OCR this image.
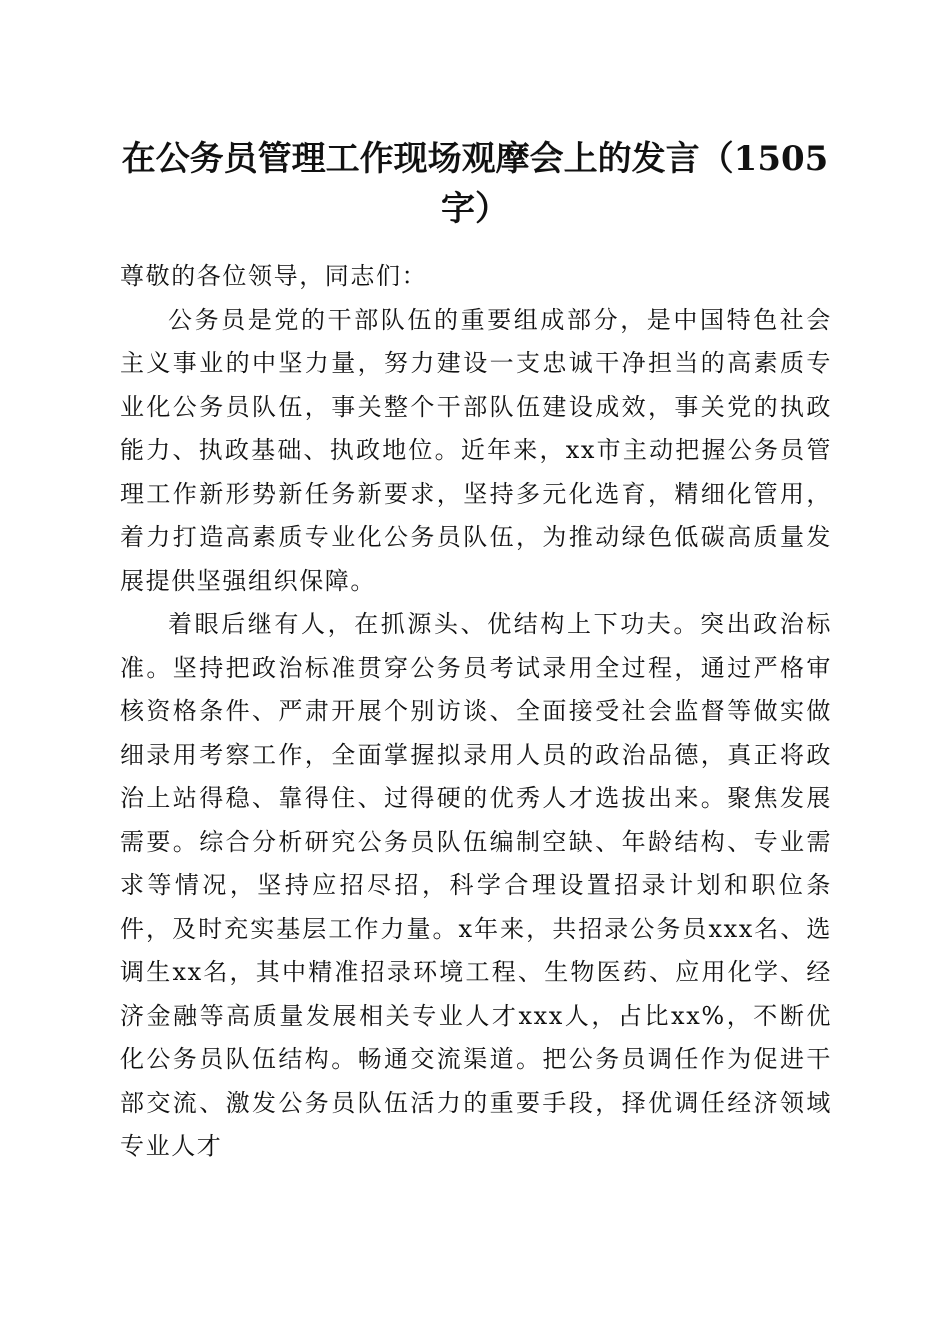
在公务员管理工作现场观摩会上的发言（1505字）

尊敬的各位领导，同志们：

公务员是党的干部队伍的重要组成部分，是中国特色社会主义事业的中坚力量，努力建设一支忠诚干净担当的高素质专业化公务员队伍，事关整个干部队伍建设成效，事关党的执政能力、执政基础、执政地位。近年来，xx市主动把握公务员管理工作新形势新任务新要求，坚持多元化选育，精细化管用，着力打造高素质专业化公务员队伍，为推动绿色低碳高质量发展提供坚强组织保障。

着眼后继有人，在抓源头、优结构上下功夫。突出政治标准。坚持把政治标准贯穿公务员考试录用全过程，通过严格审核资格条件、严肃开展个别访谈、全面接受社会监督等做实做细录用考察工作，全面掌握拟录用人员的政治品德，真正将政治上站得稳、靠得住、过得硬的优秀人才选拔出来。聚焦发展需要。综合分析研究公务员队伍编制空缺、年龄结构、专业需求等情况，坚持应招尽招，科学合理设置招录计划和职位条件，及时充实基层工作力量。x年来，共招录公务员xxx名、选调生xx名，其中精准招录环境工程、生物医药、应用化学、经济金融等高质量发展相关专业人才xxx人，占比xx%，不断优化公务员队伍结构。畅通交流渠道。把公务员调任作为促进干部交流、激发公务员队伍活力的重要手段，择优调任经济领域专业人才
